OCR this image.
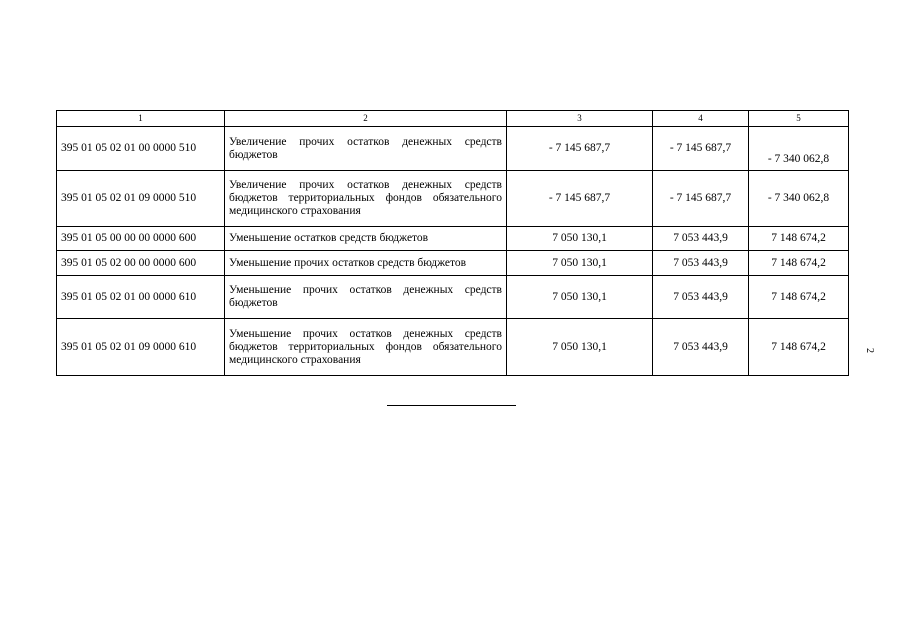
1	2	3	4	5
395 01 05 02 01 00 0000 510	Увеличение прочих остатков денежных средств бюджетов	- 7 145 687,7	- 7 145 687,7	- 7 340 062,8
395 01 05 02 01 09 0000 510	Увеличение прочих остатков денежных средств бюджетов территориальных фондов обязательного медицинского страхования	- 7 145 687,7	- 7 145 687,7	- 7 340 062,8
395 01 05 00 00 00 0000 600	Уменьшение остатков средств бюджетов	7 050 130,1	7 053 443,9	7 148 674,2
395 01 05 02 00 00 0000 600	Уменьшение прочих остатков средств бюджетов	7 050 130,1	7 053 443,9	7 148 674,2
395 01 05 02 01 00 0000 610	Уменьшение прочих остатков денежных средств бюджетов	7 050 130,1	7 053 443,9	7 148 674,2
395 01 05 02 01 09 0000 610	Уменьшение прочих остатков денежных средств бюджетов территориальных фондов обязательного медицинского страхования	7 050 130,1	7 053 443,9	7 148 674,2	2
